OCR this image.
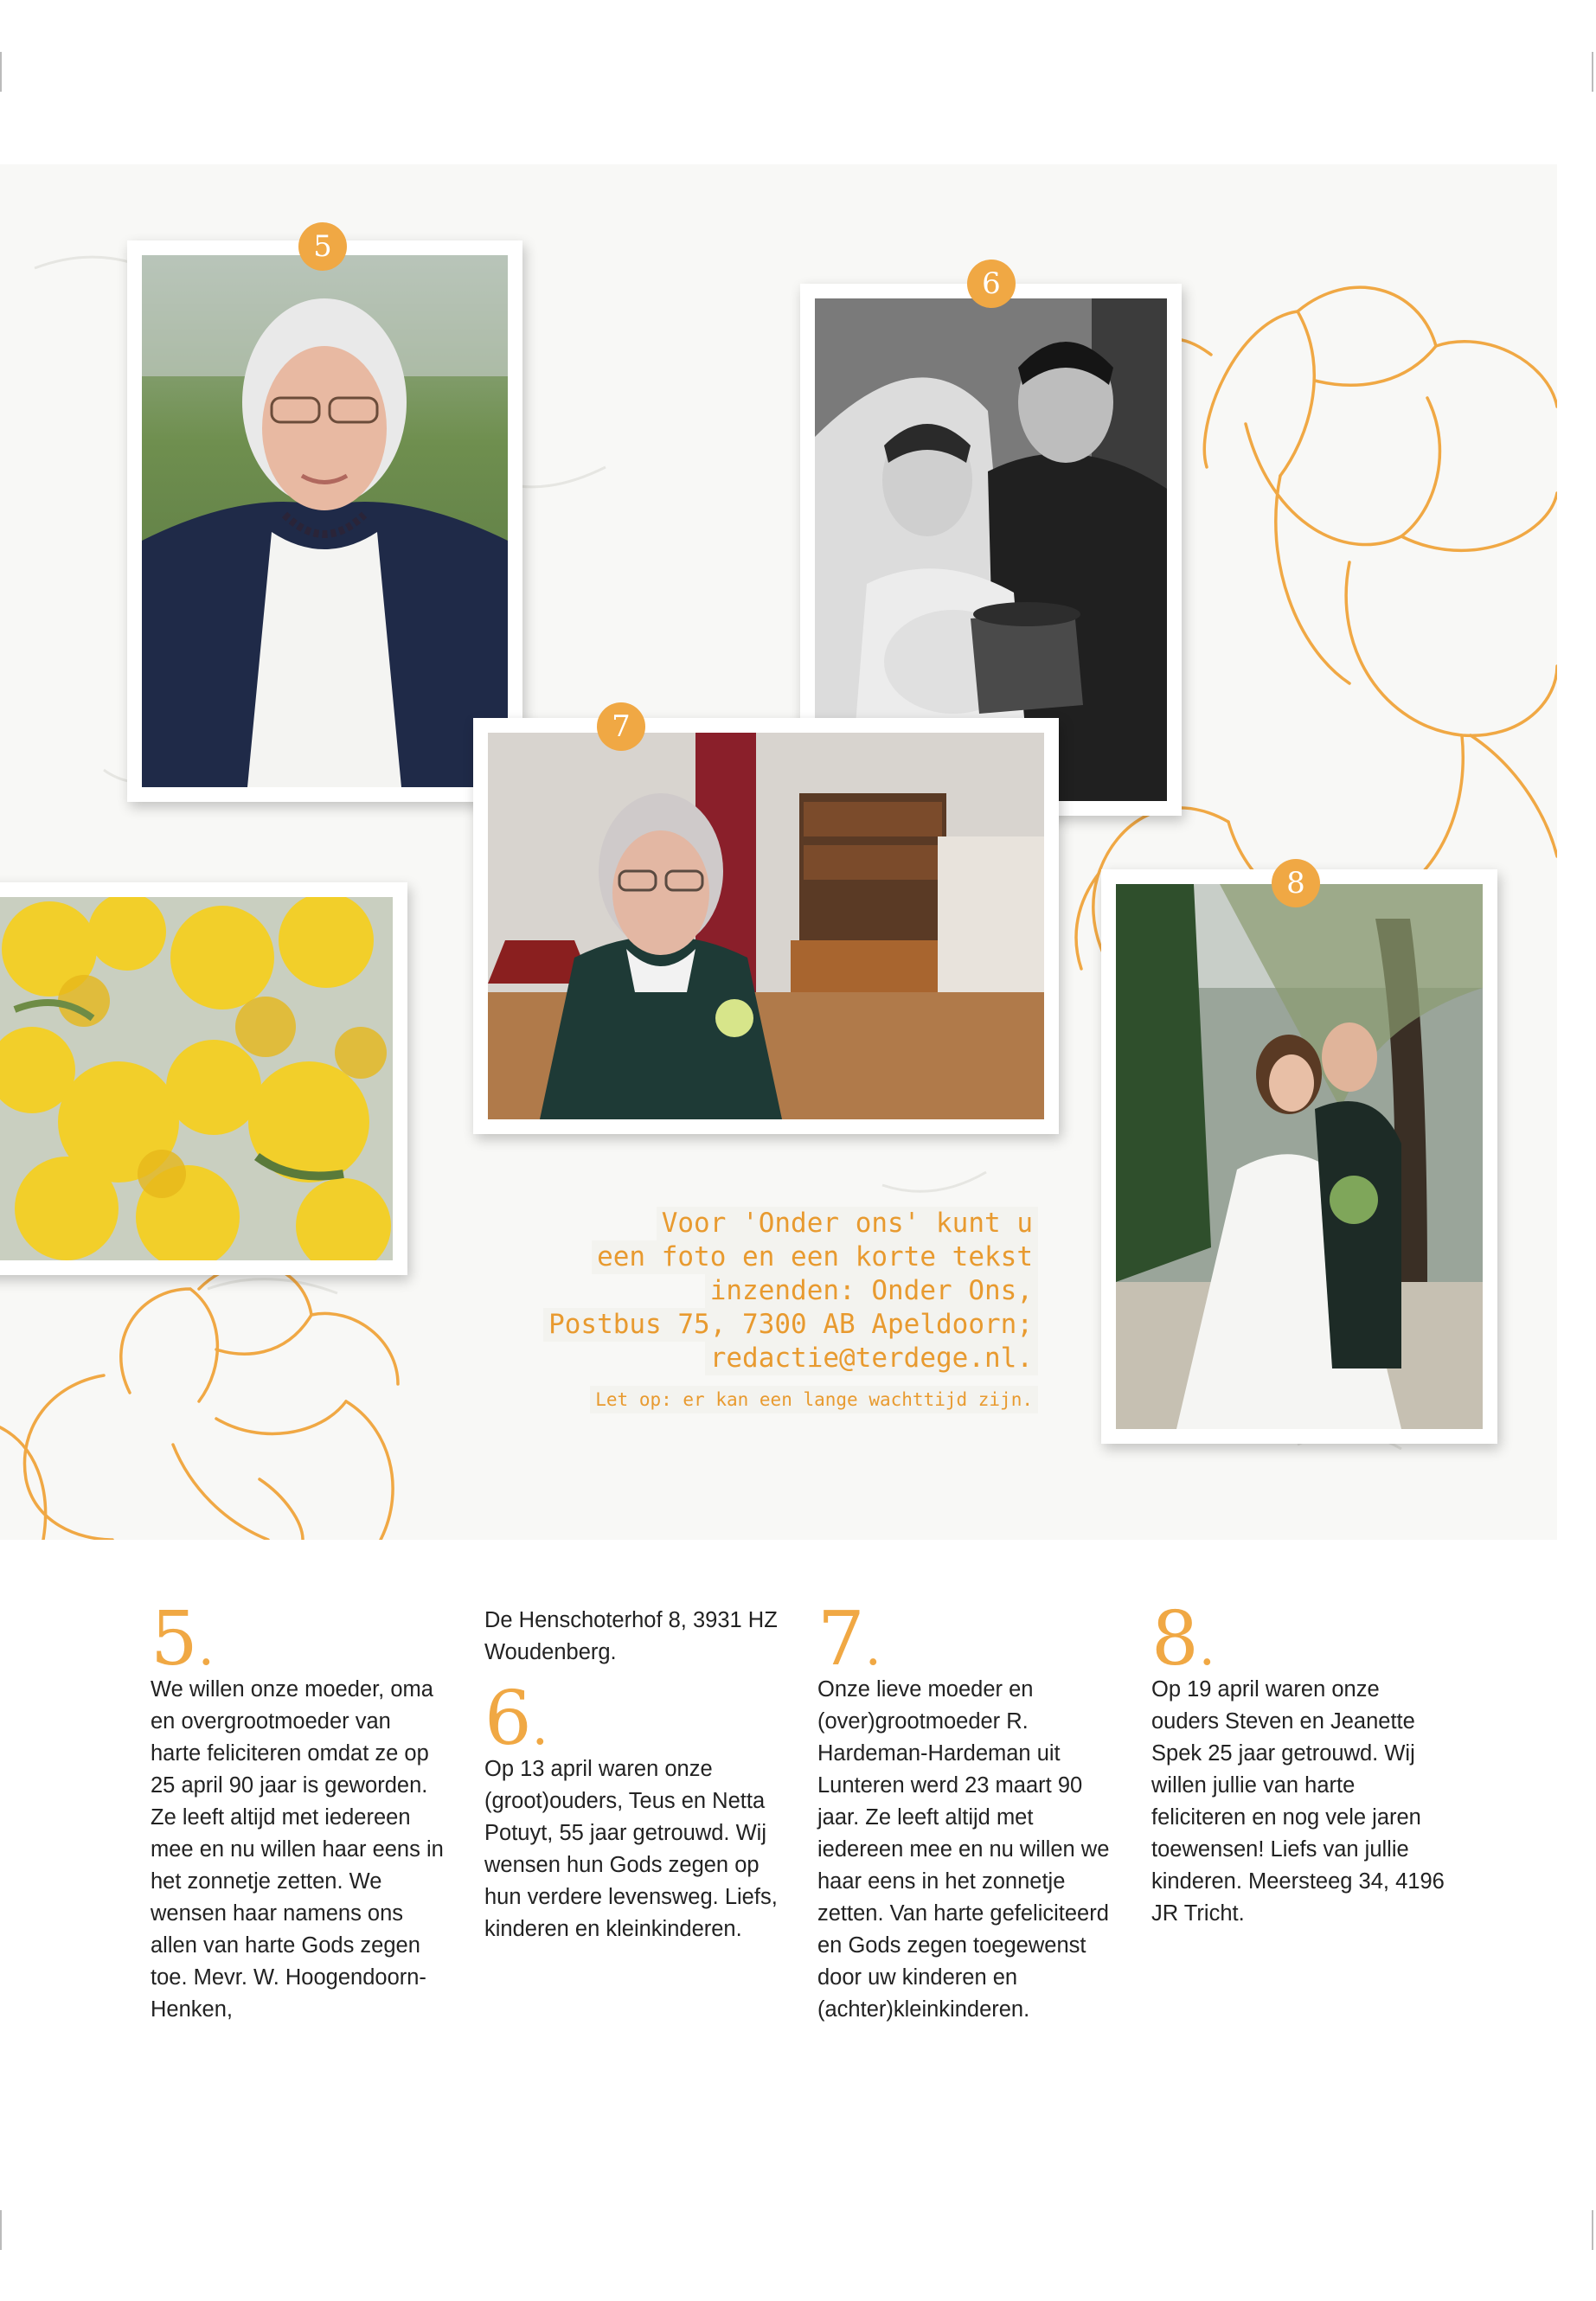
5
6
7
8
Voor 'Onder ons' kunt u
een foto en een korte tekst
inzenden: Onder Ons,
Postbus 75, 7300 AB Apeldoorn;
redactie@terdege.nl.
Let op: er kan een lange wachttijd zijn.
5.

We willen onze moeder, oma en overgrootmoeder van harte feliciteren omdat ze op 25 april 90 jaar is geworden. Ze leeft altijd met iedereen mee en nu willen haar eens in het zonnetje zetten. We wensen haar namens ons allen van harte Gods zegen toe. Mevr. W. Hoogendoorn-Henken,

De Henschoterhof 8, 3931 HZ Woudenberg.

6.

Op 13 april waren onze (groot)ouders, Teus en Netta Potuyt, 55 jaar getrouwd. Wij wensen hun Gods zegen op hun verdere levensweg. Liefs, kinderen en kleinkinderen.

7.

Onze lieve moeder en (over)grootmoeder R. Hardeman-Hardeman uit Lunteren werd 23 maart 90 jaar. Ze leeft altijd met iedereen mee en nu willen we haar eens in het zonnetje zetten. Van harte gefeliciteerd en Gods zegen toegewenst door uw kinderen en (achter)kleinkinderen.

8.

Op 19 april waren onze ouders Steven en Jeanette Spek 25 jaar getrouwd. Wij willen jullie van harte feliciteren en nog vele jaren toewensen! Liefs van jullie kinderen. Meersteeg 34, 4196 JR Tricht.
